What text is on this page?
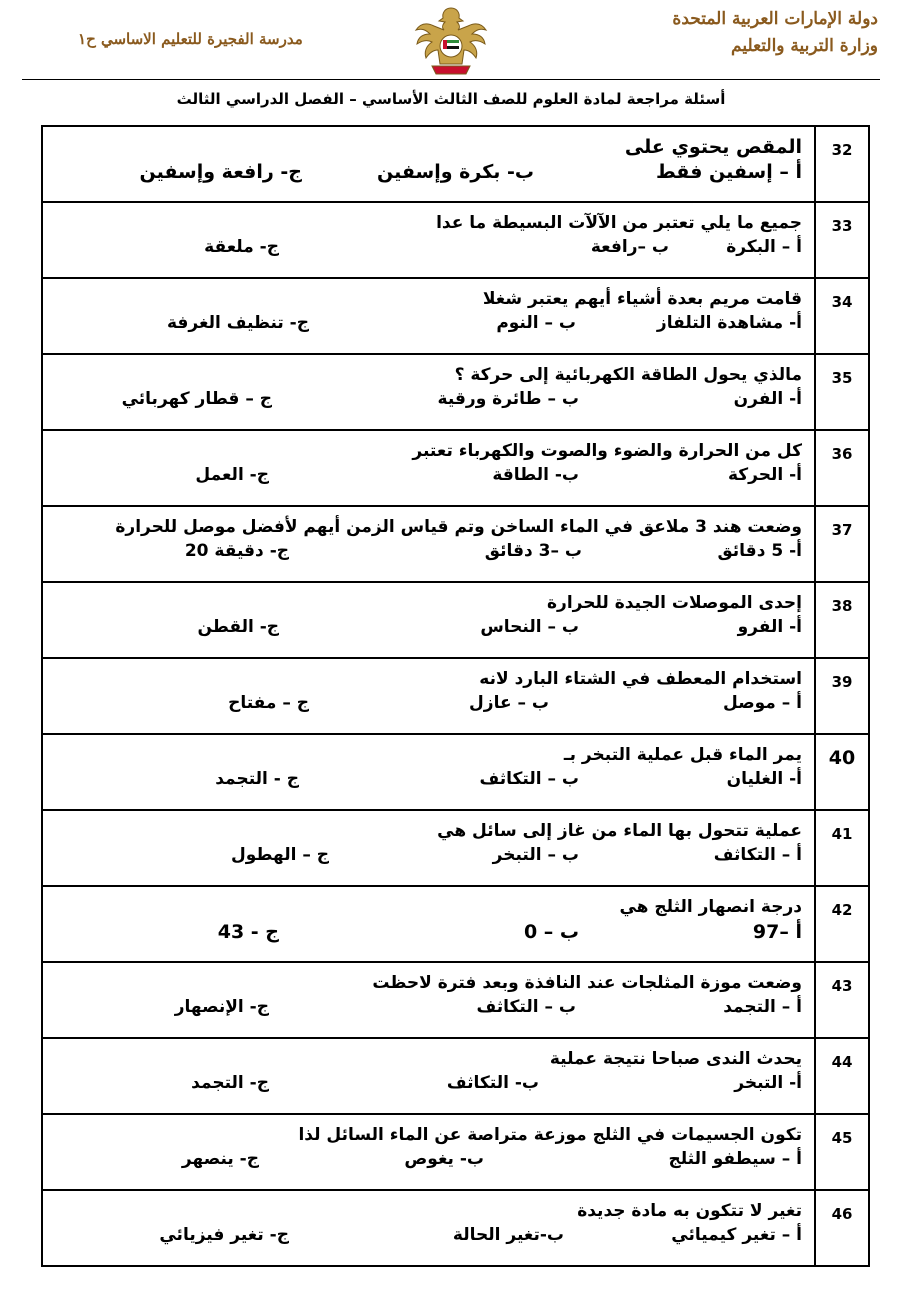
دولة الإمارات العربية المتحدة
وزارة التربية والتعليم
مدرسة الفجيرة للتعليم الاساسي ح١
أسئلة مراجعة لمادة العلوم للصف الثالث الأساسي – الفصل الدراسي الثالث
المقص يحتوي على
أ – إسفين فقط
ب- بكرة وإسفين
ج- رافعة وإسفين	32

جميع ما يلي تعتبر من الآلآت البسيطة ما عدا
أ – البكرة
ب –رافعة
ج- ملعقة	33

قامت مريم بعدة أشياء أيهم يعتبر شغلا
أ- مشاهدة التلفاز
ب – النوم
ج- تنظيف الغرفة	34

مالذي يحول الطاقة الكهربائية إلى حركة ؟
أ- الفرن
ب – طائرة ورقية
ج – قطار كهربائي	35

كل من الحرارة والضوء والصوت والكهرباء تعتبر
أ- الحركة
ب- الطاقة
ج- العمل	36

وضعت هند 3 ملاعق في الماء الساخن وتم قياس الزمن أيهم لأفضل موصل للحرارة
أ- 5 دقائق
ب –3 دقائق
ج- دقيقة 20	37

إحدى الموصلات الجيدة للحرارة
أ- الفرو
ب – النحاس
ج- القطن	38

استخدام المعطف في الشتاء البارد لانه
أ – موصل
ب – عازل
ج – مفتاح	39

يمر الماء قبل عملية التبخر بـ
أ- الغليان
ب – التكاثف
ج - التجمد	40

عملية تتحول بها الماء من غاز إلى سائل هي
أ – التكاثف
ب – التبخر
ج – الهطول	41

درجة انصهار الثلج هي
أ –97
ب – 0
ج - 43	42

وضعت موزة المثلجات عند النافذة وبعد فترة لاحظت
أ – التجمد
ب – التكاثف
ج- الإنصهار	43

يحدث الندى صباحا نتيجة عملية
أ- التبخر
ب- التكاثف
ج- التجمد	44

تكون الجسيمات في الثلج موزعة متراصة عن الماء السائل لذا
أ – سيطفو الثلج
ب- يغوص
ج- ينصهر	45

تغير لا تتكون به مادة جديدة
أ – تغير كيميائي
ب-تغير الحالة
ج- تغير فيزيائي	46
